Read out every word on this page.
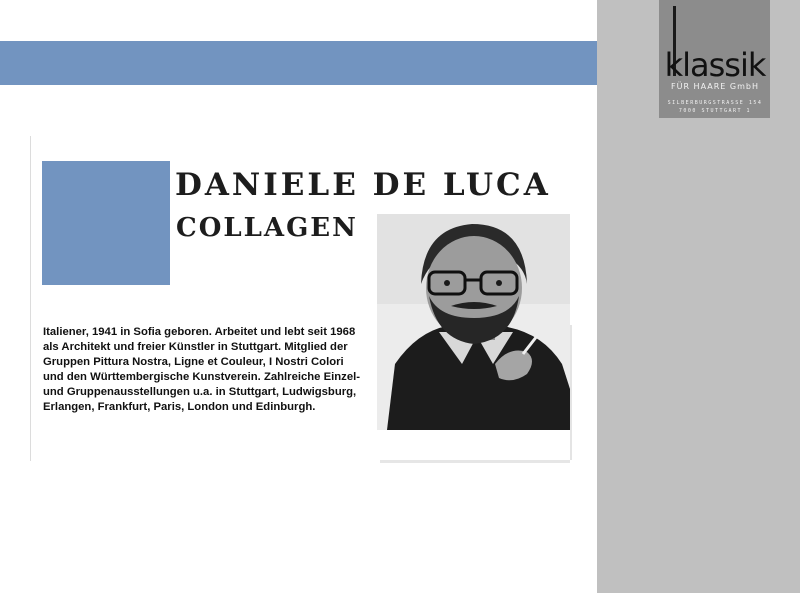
klassik
FÜR HAARE GmbH
SILBERBURGSTRASSE 154
7000 STUTTGART 1
DANIELE DE LUCA
COLLAGEN
Italiener, 1941 in Sofia geboren. Arbeitet und lebt seit 1968
als Architekt und freier Künstler in Stuttgart. Mitglied der
Gruppen Pittura Nostra, Ligne et Couleur, I Nostri Colori
und den Württembergische Kunstverein. Zahlreiche Einzel-
und Gruppenausstellungen u.a. in Stuttgart, Ludwigsburg,
Erlangen, Frankfurt, Paris, London und Edinburgh.
